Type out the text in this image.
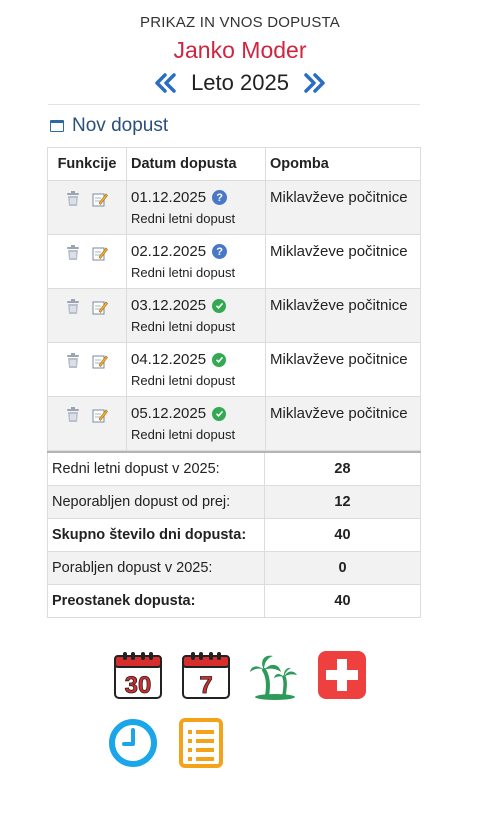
PRIKAZ IN VNOS DOPUSTA
Janko Moder
Leto 2025
Nov dopust
Funkcije	Datum dopusta	Opomba

01.12.2025 ?
Redni letni dopust	Miklavževe počitnice

02.12.2025 ?
Redni letni dopust	Miklavževe počitnice

03.12.2025
Redni letni dopust	Miklavževe počitnice

04.12.2025
Redni letni dopust	Miklavževe počitnice

05.12.2025
Redni letni dopust	Miklavževe počitnice
Redni letni dopust v 2025:	28
Neporabljen dopust od prej:	12
Skupno število dni dopusta:	40
Porabljen dopust v 2025:	0
Preostanek dopusta:	40
30 7
